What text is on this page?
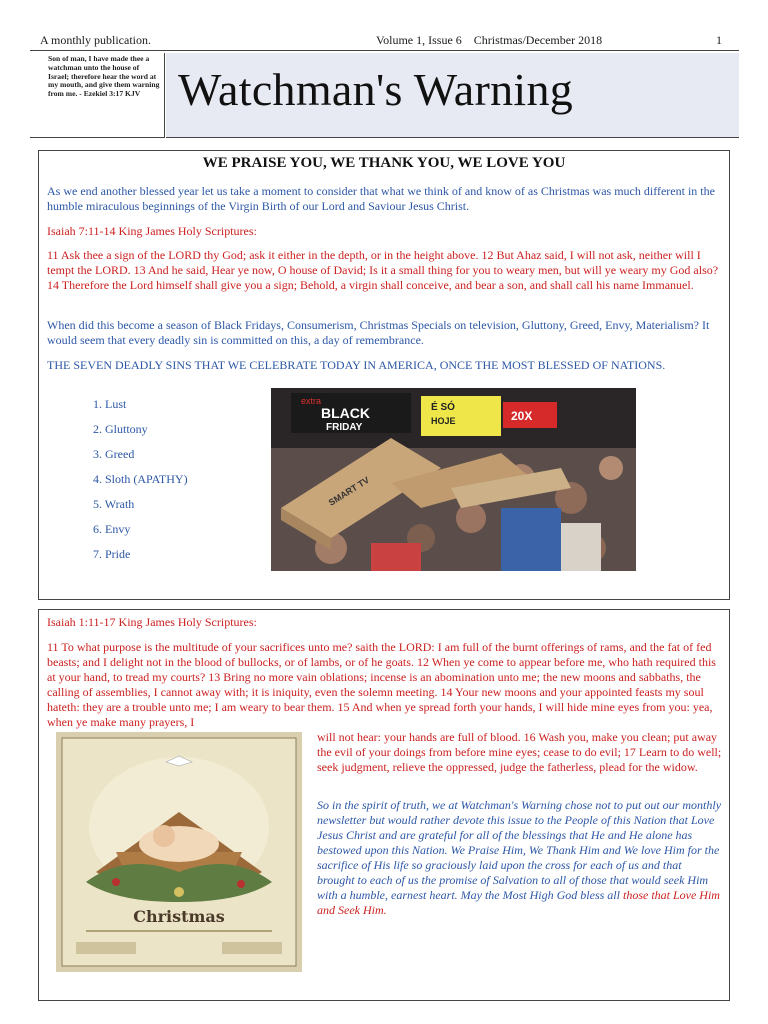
A monthly publication.	Volume 1, Issue 6    Christmas/December 2018	1

Son of man, I have made thee a watchman unto the house of Israel; therefore hear the word at my mouth, and give them warning from me. - Ezekiel 3:17 KJV Watchman's Warning
WE PRAISE YOU, WE THANK YOU, WE LOVE YOU

As we end another blessed year let us take a moment to consider that what we think of and know of as Christmas was much different in the humble miraculous beginnings of the Virgin Birth of our Lord and Saviour Jesus Christ.

Isaiah 7:11-14 King James Holy Scriptures:

11 Ask thee a sign of the LORD thy God; ask it either in the depth, or in the height above. 12 But Ahaz said, I will not ask, neither will I tempt the LORD. 13 And he said, Hear ye now, O house of David; Is it a small thing for you to weary men, but will ye weary my God also? 14 Therefore the Lord himself shall give you a sign; Behold, a virgin shall conceive, and bear a son, and shall call his name Immanuel.

When did this become a season of Black Fridays, Consumerism, Christmas Specials on television, Gluttony, Greed, Envy, Materialism? It would seem that every deadly sin is committed on this, a day of remembrance.

THE SEVEN DEADLY SINS THAT WE CELEBRATE TODAY IN AMERICA, ONCE THE MOST BLESSED OF NATIONS.

1. Lust
2. Gluttony
3. Greed
4. Sloth (APATHY)
5. Wrath
6. Envy
7. Pride
extra
BLACK
FRIDAY
É SÓ
HOJE	20X
SMART TV

Isaiah 1:11-17 King James Holy Scriptures:

11 To what purpose is the multitude of your sacrifices unto me? saith the LORD: I am full of the burnt offerings of rams, and the fat of fed beasts; and I delight not in the blood of bullocks, or of lambs, or of he goats. 12 When ye come to appear before me, who hath required this at your hand, to tread my courts? 13 Bring no more vain oblations; incense is an abomination unto me; the new moons and sabbaths, the calling of assemblies, I cannot away with; it is iniquity, even the solemn meeting. 14 Your new moons and your appointed feasts my soul hateth: they are a trouble unto me; I am weary to bear them. 15 And when ye spread forth your hands, I will hide mine eyes from you: yea, when ye make many prayers, I

will not hear: your hands are full of blood. 16 Wash you, make you clean; put away the evil of your doings from before mine eyes; cease to do evil; 17 Learn to do well; seek judgment, relieve the oppressed, judge the fatherless, plead for the widow.

So in the spirit of truth, we at Watchman's Warning chose not to put out our monthly newsletter but would rather devote this issue to the People of this Nation that Love Jesus Christ and are grateful for all of the blessings that He and He alone has bestowed upon this Nation. We Praise Him, We Thank Him and We love Him for the sacrifice of His life so graciously laid upon the cross for each of us and that brought to each of us the promise of Salvation to all of those that would seek Him with a humble, earnest heart. May the Most High God bless all those that Love Him and Seek Him.

Christmas
